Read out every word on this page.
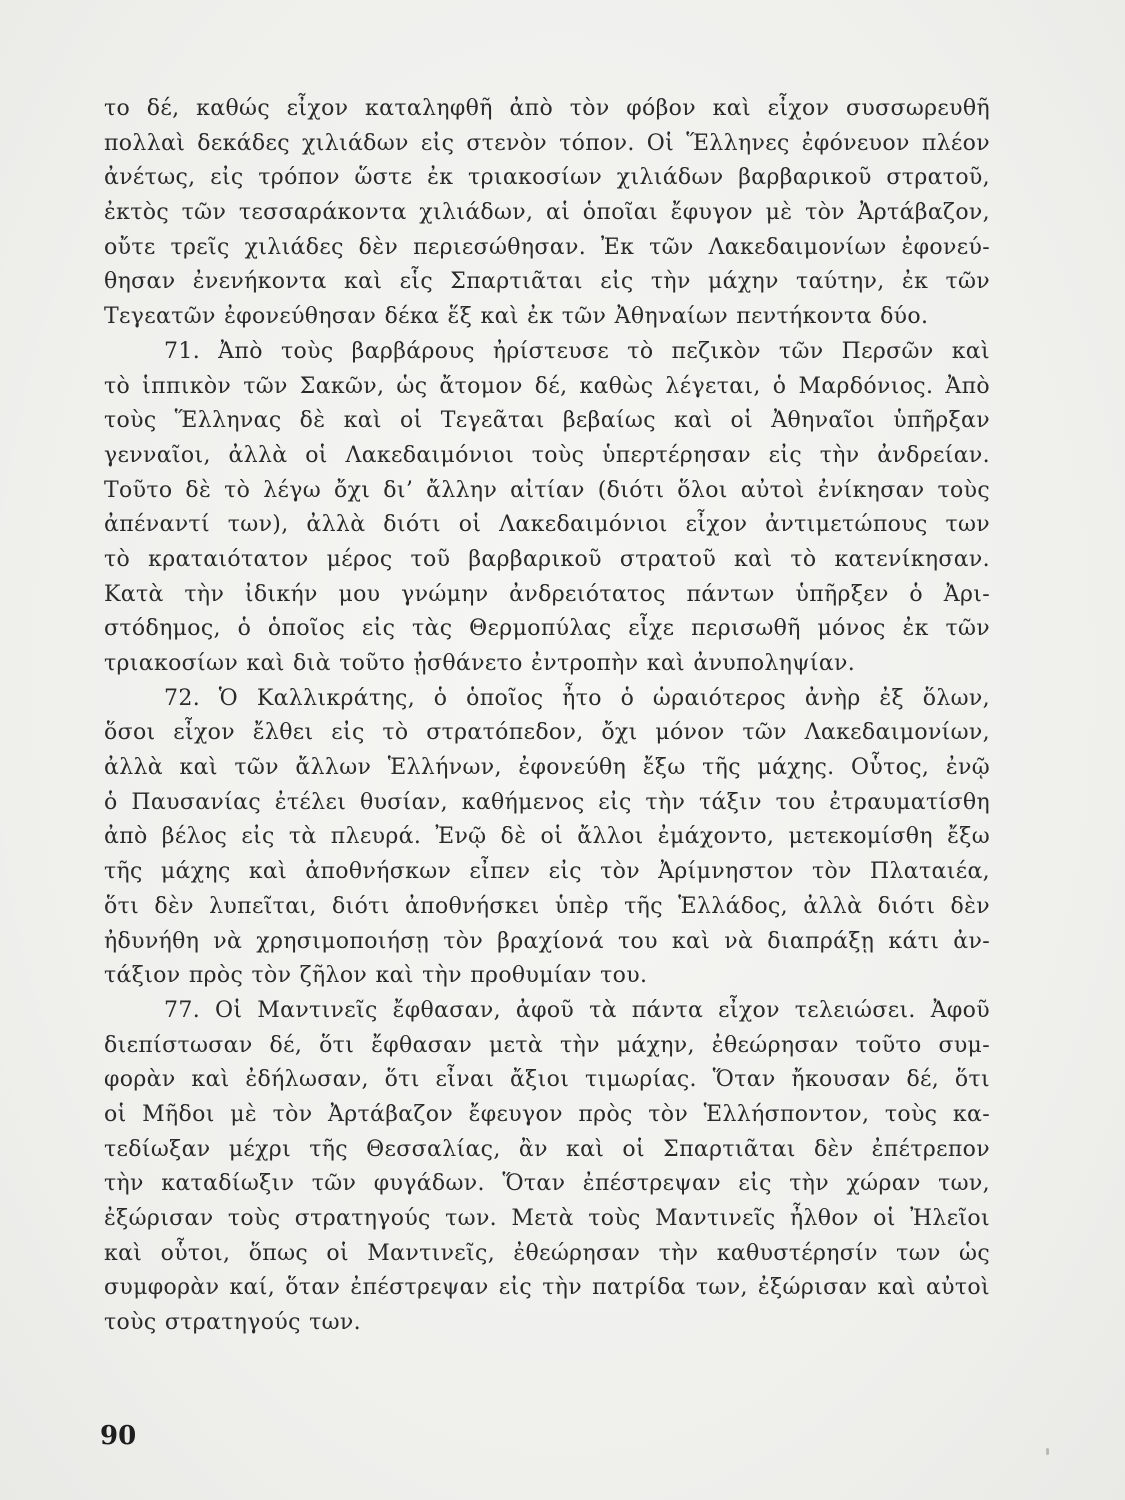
το δέ, καθώς εἶχον καταληφθῆ ἀπὸ τὸν φόβον καὶ εἶχον συσσωρευθῆ
πολλαὶ δεκάδες χιλιάδων εἰς στενὸν τόπον. Οἱ Ἕλληνες ἐφόνευον πλέον
ἀνέτως, εἰς τρόπον ὥστε ἐκ τριακοσίων χιλιάδων βαρβαρικοῦ στρατοῦ,
ἐκτὸς τῶν τεσσαράκοντα χιλιάδων, αἱ ὁποῖαι ἔφυγον μὲ τὸν Ἀρτάβαζον,
οὔτε τρεῖς χιλιάδες δὲν περιεσώθησαν. Ἐκ τῶν Λακεδαιμονίων ἐφονεύ-
θησαν ἐνενήκοντα καὶ εἷς Σπαρτιᾶται εἰς τὴν μάχην ταύτην, ἐκ τῶν
Τεγεατῶν ἐφονεύθησαν δέκα ἕξ καὶ ἐκ τῶν Ἀθηναίων πεντήκοντα δύο.
71. Ἀπὸ τοὺς βαρβάρους ἠρίστευσε τὸ πεζικὸν τῶν Περσῶν καὶ
τὸ ἱππικὸν τῶν Σακῶν, ὡς ἄτομον δέ, καθὼς λέγεται, ὁ Μαρδόνιος. Ἀπὸ
τοὺς Ἕλληνας δὲ καὶ οἱ Τεγεᾶται βεβαίως καὶ οἱ Ἀθηναῖοι ὑπῆρξαν
γενναῖοι, ἀλλὰ οἱ Λακεδαιμόνιοι τοὺς ὑπερτέρησαν εἰς τὴν ἀνδρείαν.
Τοῦτο δὲ τὸ λέγω ὄχι δι’ ἄλλην αἰτίαν (διότι ὅλοι αὐτοὶ ἐνίκησαν τοὺς
ἀπέναντί των), ἀλλὰ διότι οἱ Λακεδαιμόνιοι εἶχον ἀντιμετώπους των
τὸ κραταιότατον μέρος τοῦ βαρβαρικοῦ στρατοῦ καὶ τὸ κατενίκησαν.
Κατὰ τὴν ἰδικήν μου γνώμην ἀνδρειότατος πάντων ὑπῆρξεν ὁ Ἀρι-
στόδημος, ὁ ὁποῖος εἰς τὰς Θερμοπύλας εἶχε περισωθῆ μόνος ἐκ τῶν
τριακοσίων καὶ διὰ τοῦτο ᾐσθάνετο ἐντροπὴν καὶ ἀνυποληψίαν.
72. Ὁ Καλλικράτης, ὁ ὁποῖος ἦτο ὁ ὡραιότερος ἀνὴρ ἐξ ὅλων,
ὅσοι εἶχον ἔλθει εἰς τὸ στρατόπεδον, ὄχι μόνον τῶν Λακεδαιμονίων,
ἀλλὰ καὶ τῶν ἄλλων Ἑλλήνων, ἐφονεύθη ἔξω τῆς μάχης. Οὗτος, ἐνῷ
ὁ Παυσανίας ἐτέλει θυσίαν, καθήμενος εἰς τὴν τάξιν του ἐτραυματίσθη
ἀπὸ βέλος εἰς τὰ πλευρά. Ἐνῷ δὲ οἱ ἄλλοι ἐμάχοντο, μετεκομίσθη ἔξω
τῆς μάχης καὶ ἀποθνήσκων εἶπεν εἰς τὸν Ἀρίμνηστον τὸν Πλαταιέα,
ὅτι δὲν λυπεῖται, διότι ἀποθνήσκει ὑπὲρ τῆς Ἑλλάδος, ἀλλὰ διότι δὲν
ἠδυνήθη νὰ χρησιμοποιήσῃ τὸν βραχίονά του καὶ νὰ διαπράξῃ κάτι ἀν-
τάξιον πρὸς τὸν ζῆλον καὶ τὴν προθυμίαν του.
77. Οἱ Μαντινεῖς ἔφθασαν, ἀφοῦ τὰ πάντα εἶχον τελειώσει. Ἀφοῦ
διεπίστωσαν δέ, ὅτι ἔφθασαν μετὰ τὴν μάχην, ἐθεώρησαν τοῦτο συμ-
φορὰν καὶ ἐδήλωσαν, ὅτι εἶναι ἄξιοι τιμωρίας. Ὅταν ἤκουσαν δέ, ὅτι
οἱ Μῆδοι μὲ τὸν Ἀρτάβαζον ἔφευγον πρὸς τὸν Ἑλλήσποντον, τοὺς κα-
τεδίωξαν μέχρι τῆς Θεσσαλίας, ἂν καὶ οἱ Σπαρτιᾶται δὲν ἐπέτρεπον
τὴν καταδίωξιν τῶν φυγάδων. Ὅταν ἐπέστρεψαν εἰς τὴν χώραν των,
ἐξώρισαν τοὺς στρατηγούς των. Μετὰ τοὺς Μαντινεῖς ἦλθον οἱ Ἠλεῖοι
καὶ οὗτοι, ὅπως οἱ Μαντινεῖς, ἐθεώρησαν τὴν καθυστέρησίν των ὡς
συμφορὰν καί, ὅταν ἐπέστρεψαν εἰς τὴν πατρίδα των, ἐξώρισαν καὶ αὐτοὶ
τοὺς στρατηγούς των.
90
